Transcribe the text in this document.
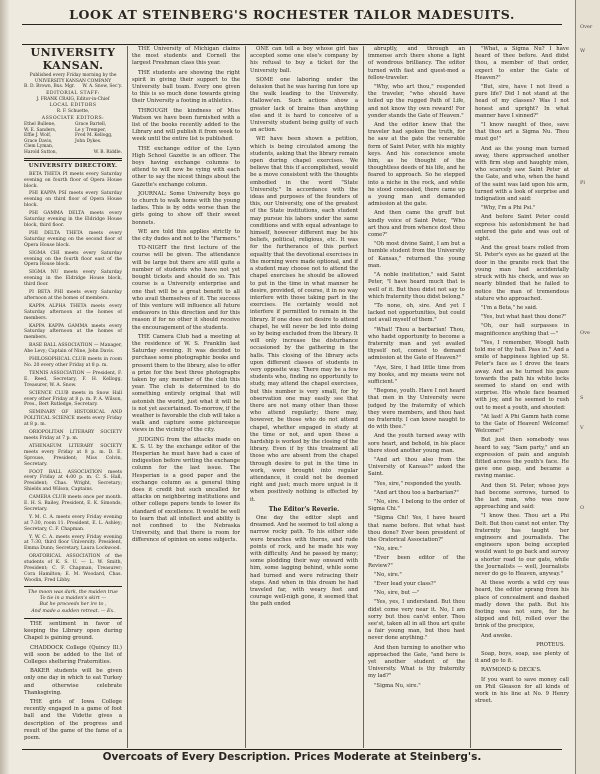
LOOK AT STEINBERG'S ROCHESTER TAILOR MADESUITS.
UNIVERSITY KANSAN.
Published every Friday morning by the UNIVERSITY KANSAN COMPANY
B. D. Brown, Bus. Mgr. W. A. Snow, Sec'y.
EDITORIAL STAFF:
J. FRANK CRAIG, Editor-in-Chief
LOCAL EDITORS
R. F. Schuette,
ASSOCIATE EDITORS:
Ethel Bullene,	Grace Bartell,
W. E. Sanders,	Le y Tremper,
Effie J. Wolf,	Fred M. Kellogg,
Grace Davis,	John Dykes.
Clem Lyman,
Harold Sutton,	W. B. Riddle.
UNIVERSITY DIRECTORY.

BETA THETA PI meets every Saturday evening on fourth floor of Opera House block.

PHI KAPPA PSI meets every Saturday evening on third floor of Opera House block.

PHI GAMMA DELTA meets every Saturday evening in the Eldridge House block, third floor.

PHI DELTA THETA meets every Saturday evening on the second floor of Opera House block.

SIGMA CHI meets every Saturday evening on the fourth floor east of the Opera House block.

SIGMA NU meets every Saturday evening in the Eldridge House block, third floor.

PI BETA PHI meets every Saturday afternoon at the homes of members.

KAPPA ALPHA THETA meets every Saturday afternoon at the homes of members.

KAPPA KAPPA GAMMA meets every Saturday afternoon at the homes of members.

BASE BALL ASSOCIATION — Manager, Abe Levy; Captain of Nine, John Davis.

PHILOSOPHICAL CLUB meets in room No. 20 every other Friday at 8 p. m.

TENNIS ASSOCIATION — President, F. E. Reed, Secretary, F. H. Kellogg, Treasurer, W. A. Snow.

SCIENCE CLUB meets in Snow Hall every other Friday at 8 p. m. P. A. Wilson, Pres., Bert Rutledge, Secretary.

SEMINARY OF HISTORICAL AND POLITICAL SCIENCE meets every Friday at 8 p. m.

ORIOPOLITAN LITERARY SOCIETY meets Friday at 7 p. m.

ATHENAEUM LITERARY SOCIETY meets every Friday at 8 p. m. D. E. Sprouse, President; Miss Colvin, Secretary.

FOOT BALL ASSOCIATION meets every Friday at 4:00 p. m. C. S. Hall, President; Chas. Wright, Secretary; Shields and Wilson, Captains.

CAMERA CLUB meets once per month. E. H. S. Bailey, President, E. K. Simonds, Secretary.

Y. M. C. A. meets every Friday evening at 7:30, room 11. President, E. L. Ashley; Secretary, C. F. Chapman.

Y. W. C. A. meets every Friday evening at 7:30, third floor University. President, Emma Dunn; Secretary, Laura Lockwood.

ORATORICAL ASSOCIATION of the students of K. S. U. — L. W. Smith, President; C. F. Chapman, Treasurer; Cora Hamilton; E. M. Woodard, Chas. Woodin, Fred Libby.

The moon was dark, the maiden true
To tie in a maiden's skirt —
But he proceeds her ire to ,
And made a sudden retreat. — Ex.

THE sentiment in favor of keeping the Library open during Chapel is gaining ground.

CHADDOCK College (Quincy Ill.) will soon be added to the list of Colleges sheltering Fraternities.

BAKER students will be given only one day in which to eat Turkey and otherwise celebrate Thanksgiving.

THE girls of Iowa College recently engaged in a game of foot ball and the Vidette gives a description of the progress and result of the game of the fame of a poem.

THE University of Michigan claims the most students and Cornell the largest Freshman class this year.

THE students are showing the right spirit in giving their support to the University ball team. Every one given to this is so much done towards giving their University a footing in athletics.

THROUGH the kindness of Miss Watson we have been furnished with a list of the books recently added to the Library and will publish it from week to week until the entire list is published.

THE exchange editor of the Lynn High School Gazette is an officer. The boys having exchange columns to attend to will now be vying with each other to say the nicest things about the Gazette's exchange column.

JOURNAL: Some University boys go to church to walk home with the young ladies. This is by odds worse than the girls going to show off their sweet bonnets.

WE are told this applies strictly to the city dudes and not to the "Farmers."

TO-NIGHT the first lecture of the course will be given. The attendance will be large but there are still quite a number of students who have not yet bought tickets and should do so. This course is a University enterprise and one that will be a great benefit to all who avail themselves of it. The success of this venture will influence all future endeavors in this direction and for this reason if for no other it should receive the encouragement of the students.

THE Camera Club had a meeting at the residence of W. S. Franklin last Saturday evening. It was decided to purchase some photographic books and present them to the library, also to offer a prize for the best three photographs taken by any member of the club this year. The club is determined to do something entirely original that will astonish the world, just what it will be is not yet ascertained. To-morrow, if the weather is favorable the club will take a walk and capture some picturesque views in the vicinity of the city.

JUDGING from the attacks made on K. S. U. by the exchange editor of the Hesperian he must have had a case of indigestion before writing the exchange column for the last issue. The Hesperian is a good paper and the exchange column as a general thing does it credit but such uncalled for attacks on neighboring institutions and other college papers tends to lower its standard of excellence. It would be well to learn that all intellect and ability is not confined to the Nebraska University, and that there is room for difference of opinion on some subjects.

ONE can tell a boy whose girl has accepted some one else's company by his refusal to buy a ticket for the University ball.

SOME one laboring under the delusion that he was having fun tore up the walk leading to the University. Hallowe'en. Such actions show a greater lack of brains than anything else and it is hard to conceive of a University student being guilty of such an action.

WE have been shown a petition, which is being circulated among the students, asking that the library remain open during chapel exercises. We believe that this if accomplished, would be a move consistent with the thoughts embodied in the word "State University." In accordance with the ideas and purposes of the founders of this, our University, one of the greatest of the State institutions, each student may pursue his labors under the same conditions and with equal advantage to himself, however different may be his beliefs, political, religious, etc. It was for the furtherance of this perfect equality that the devotional exercises in the morning were made optional, and if a student may choose not to attend the chapel exercises he should be allowed to put in the time in what manner he desire, provided, of course, it in no way interfere with those taking part in the exercises. He certainly would not interfere if permitted to remain in the library. If one does not desire to attend chapel, he will never be led into doing so by being excluded from the library. It will only increase the disturbance occasioned by the gathering in the halls. This closing of the library acts upon different classes of students in very opposite way. There may be a few students who, finding no opportunity to study, may attend the chapel exercises, but this number is very small, for by observation one may easily see that there are not many other than those who attend regularly; there may, however, be those who do not attend chapel, whether engaged in study at the time or not, and upon these a hardship is worked by the closing of the library. Even if by this treatment all those who are absent from the chapel through desire to put in the time in work, were brought into regular attendance, it could not be deemed right and just; much more unjust is it when positively nothing is effected by it.

The Editor's Reverie.

One day the editor slept and dreamed. And he seemed to toil along a narrow rocky path. To his either side were branches with thorns, and rude points of rock, and he made his way with difficulty. And he passed by many; some plodding their way onward with him, some lagging behind, while some had turned and were retracing their steps. And when in this dream he had traveled far, with weary feet and courage well-nigh gone, it seemed that the path ended

abruptly, and through an immense arch there shone a light of wondrous brilliancy. The editor turned with fast and quest-med a fellow-traveler.

"Why, who art thou," responded the traveler, "who should have toiled up the rugged Path of Life, and not know thy own reward! For yonder stands the Gate of Heaven."

And the editor knew that the traveler had spoken the truth, for he saw at the gate the venerable form of Saint Peter, with his mighty keys. And his conscience smote him, as he thought of the thoughtless deeds of his life, and he feared to approach. So he stepped into a niche in the rock, and while he stood concealed, there came up a young man and demanded admission at the gate.

And then came the gruff but kindly voice of Saint Peter, "Who art thou and from whence dost thou come?"

"Oh most divine Saint, I am but a humble student from the University of Kansas," returned the young man.

"A noble institution," said Saint Peter, "I have heard much that is well of it. But thou didst not say to which fraternity thou didst belong."

"To none, oh, sire. And yet I lacked not opportunities, but could not avail myself of them."

"What! Thou a barbarian! Thou, who hadst opportunity to become a fraternity man and yet availed thyself not, comest to demand admission at the Gate of Heaven?"

"Aye, Sire, I had little time from my books, and my means were not sufficient."

"Begone, youth. Have I not heard that men in thy University were judged by the fraternity of which they were members, and thou hast no fraternity. I can know naught to do with thee."

And the youth turned away with sore heart, and behold, in his place there stood another young man.

"And art thou also from the University of Kansas?" asked the Saint.

"Yes, sire," responded the youth.

"And art thou too a barbarian?"

"No, sire. I belong to the order of Sigma Chi."

"Sigma Chi! Yes, I have heard that name before. But what hast thou done? Ever been president of the Oratorical Association?"

"No, sire."

"Ever been editor of the Review?"

"No, sire."

"Ever lead your class?"

"No, sire, but —"

"Yes, yes, I understand. But thou didst come very near it. No, I am sorry but thou can'st enter. Thou see'st, taken all in all thou art quite a fair young man, but thou hast never done anything."

And then turning to another who approached the Gate, "and here is yet another student of the University. What is thy fraternity my lad?"

"Sigma Nu, sire."

"What, a Sigma Nu? I have heard of thee before. And didst thou, a member of that order, expect to enter the Gate of Heaven?"

"But, sire, have I not lived a pure life? Did I not stand at the head of my classes? Was I not honest and upright? In what manner have I sinned?"

"I know naught of thee, save that thou art a Sigma Nu. Thou must go!"

And as the young man turned away, there approached another with firm step and haughty mien, who scarcely saw Saint Peter at the Gate, and who, when the hand of the saint was laid upon his arm, turned with a look of surprise and indignation and said:

"Why, I'm a Phi Psi."

And before Saint Peter could express his astonishment he had entered the gate and was out of sight.

And the great tears rolled from St. Peter's eyes as he gazed at the door in the granite rock that the young man had accidentally struck with his check, and was so nearly blinded that he failed to notice the man of tremendous stature who approached.

"I'm a Beta," he said.

"Yes, but what hast thou done?"

"Oh, our hall surpasses in magnificence anything that —"

"Yes, I remember, Woogli hath told me of thy hall. Pass in." And a smile of happiness lighted up St. Peter's face as I drove the tears away. And as he turned his gaze towards the path his white locks seemed to stand on end with surprise. His whole face beamed with joy, and he seemed to rush out to meet a youth, and shouted:

"At last! A Phi Gamm hath come to the Gate of Heaven! Welcome! Welcome!"

But just then somebody was heard to say, "Sam party," and an expression of pain and anguish flitted across the youth's face. He gave one gasp, and became a raving maniac.

And then St. Peter, whose joys had become sorrows, turned to the last man, who was now approaching and said:

"I know thee. Thou art a Phi Delt. But thou canst not enter. Thy fraternity has taught her engineers and journalists. The engineers upon being accepted would want to go back and survey a shorter road to our gate, while the Journalists — well, Journalists never do go to Heaven, anyway."

At these words a wild cry was heard, the editor sprang from his place of concealment and dashed madly down the path. But his footing was not sure, for he slipped and fell, rolled over the brink of the precipice,

And awoke.

PROTEUS.

Soap, boys, soap, use plenty of it and go to it.

RAYMOND & DECK'S.

If you want to save money call on Phil Gleason for all kinds of work in his line at No. 9 Henry street.

Overcoats of Every Description. Prices Moderate at Steinberg's.
Over
W
Pl
Ove
S
V
O
